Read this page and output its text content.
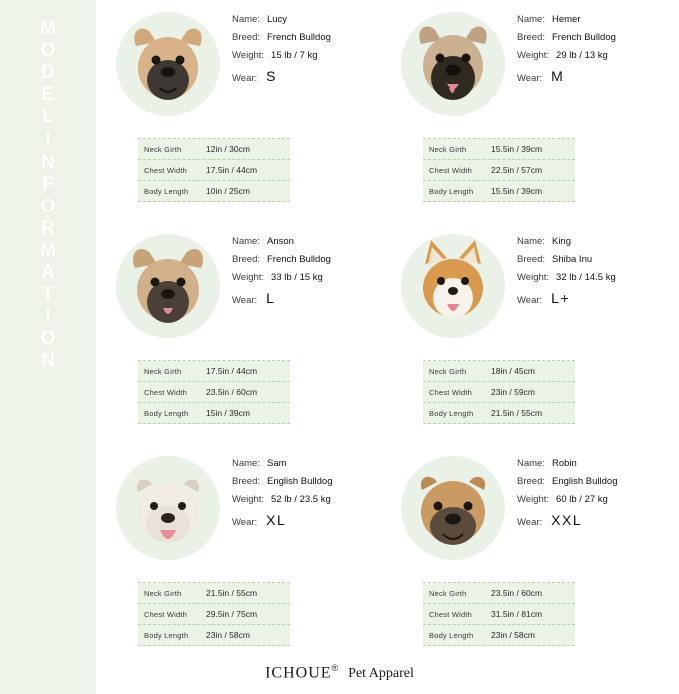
M
O
D
E
L
I
N
F
O
R
M
A
T
I
O
N
Name: Lucy
Breed: French Bulldog
Weight: 15 lb / 7 kg
Wear: S
Neck Girth	12in / 30cm
Chest Width	17.5in / 44cm
Body Length	10in / 25cm
Name: Hemer
Breed: French Bulldog
Weight: 29 lb / 13 kg
Wear: M
Neck Girth	15.5in / 39cm
Chest Width	22.5in / 57cm
Body Length	15.5in / 39cm
Name: Anson
Breed: French Bulldog
Weight: 33 lb / 15 kg
Wear: L
Neck Girth	17.5in / 44cm
Chest Width	23.5in / 60cm
Body Length	15in / 39cm
Name: King
Breed: Shiba Inu
Weight: 32 lb / 14.5 kg
Wear: L+
Neck Girth	18in / 45cm
Chest Width	23in / 59cm
Body Length	21.5in / 55cm
Name: Sam
Breed: English Bulldog
Weight: 52 lb / 23.5 kg
Wear: XL
Neck Girth	21.5in / 55cm
Chest Width	29.5in / 75cm
Body Length	23in / 58cm
Name: Robin
Breed: English Bulldog
Weight: 60 lb / 27 kg
Wear: XXL
Neck Girth	23.5in / 60cm
Chest Width	31.5in / 81cm
Body Length	23in / 58cm
ICHOUE® Pet Apparel
